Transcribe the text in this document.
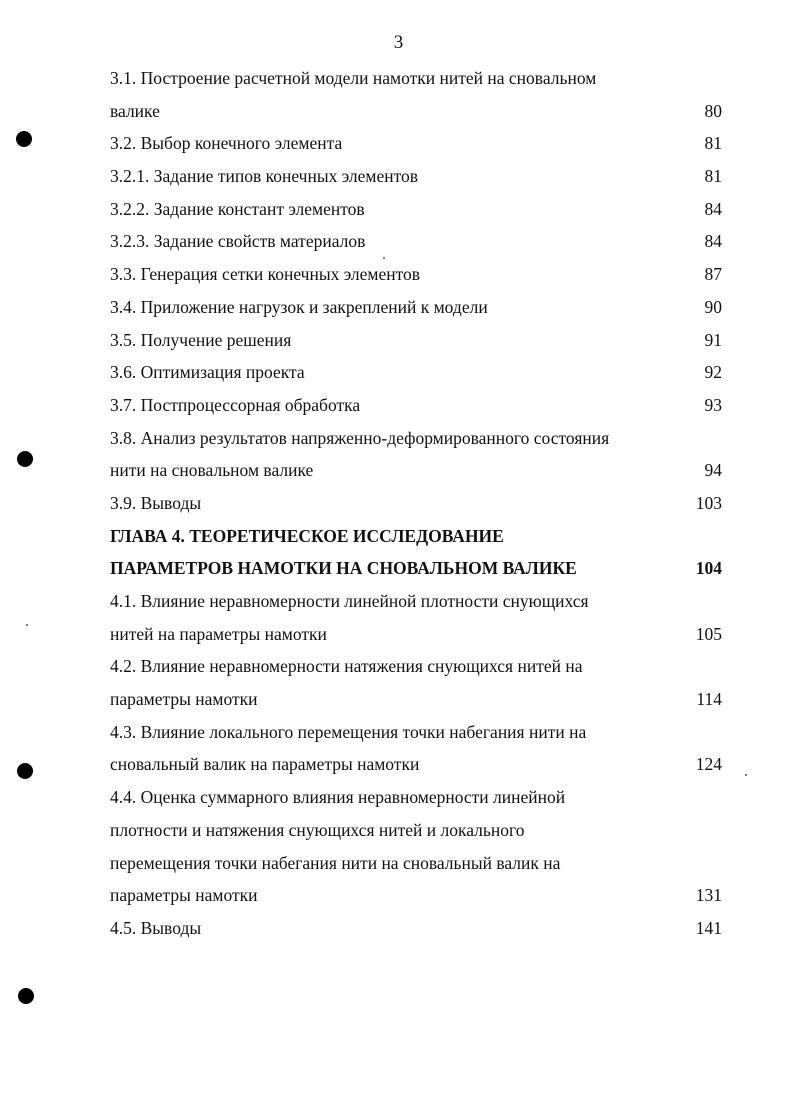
3
3.1. Построение расчетной модели намотки нитей на сновальном
валике	80
3.2. Выбор конечного элемента	81
3.2.1. Задание типов конечных элементов	81
3.2.2. Задание констант элементов	84
3.2.3. Задание свойств материалов	84
3.3. Генерация сетки конечных элементов	87
3.4. Приложение нагрузок и закреплений к модели	90
3.5. Получение решения	91
3.6. Оптимизация проекта	92
3.7. Постпроцессорная обработка	93
3.8. Анализ результатов напряженно-деформированного состояния
нити на сновальном валике	94
3.9. Выводы	103
ГЛАВА 4. ТЕОРЕТИЧЕСКОЕ ИССЛЕДОВАНИЕ
ПАРАМЕТРОВ НАМОТКИ НА СНОВАЛЬНОМ ВАЛИКЕ	104
4.1. Влияние неравномерности линейной плотности снующихся
нитей на параметры намотки	105
4.2. Влияние неравномерности натяжения снующихся нитей на
параметры намотки	114
4.3. Влияние локального перемещения точки набегания нити на
сновальный валик на параметры намотки	124
4.4. Оценка суммарного влияния неравномерности линейной
плотности и натяжения снующихся нитей и локального
перемещения точки набегания нити на сновальный валик на
параметры намотки	131
4.5. Выводы	141
